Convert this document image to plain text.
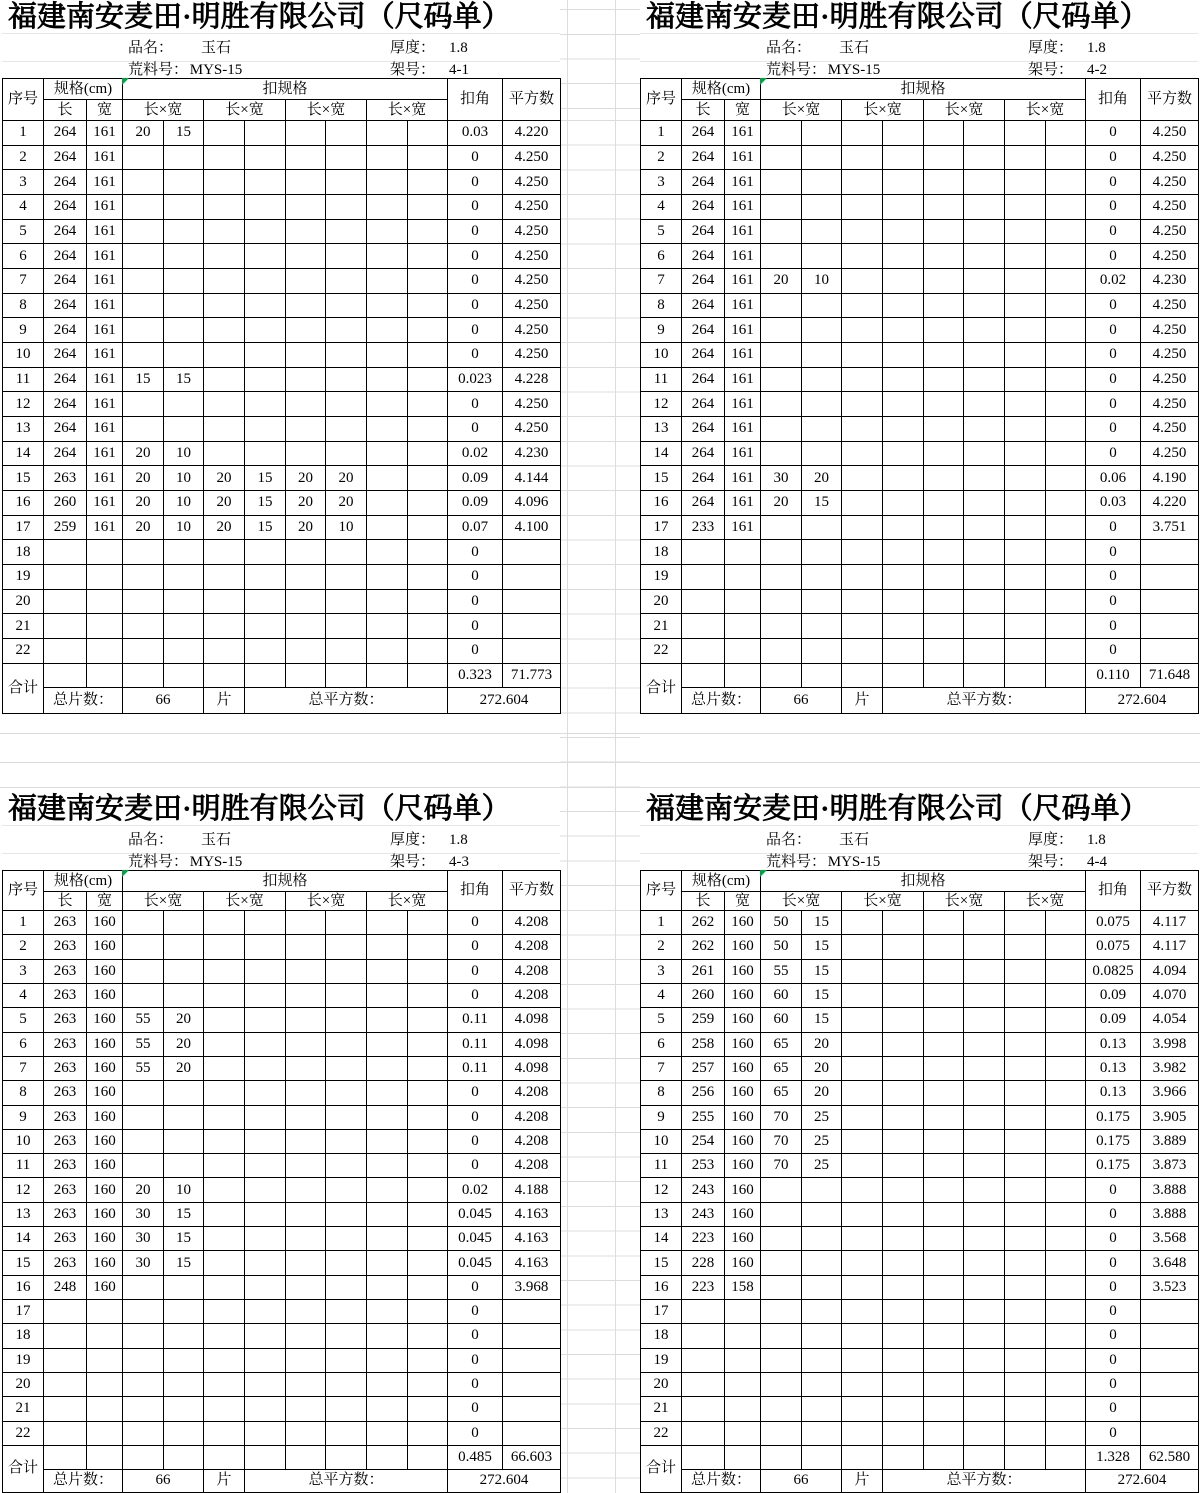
福建南安麦田·明胜有限公司（尺码单）
品名：	玉石	厚度： 1.8
荒料号： MYS-15	架号： 4-1
序号	规格(cm)		扣规格								扣角	平方数
	长	宽	长×宽		长×宽		长×宽		长×宽			
1	264	161	20	15							0.03	4.220
2	264	161									0	4.250
3	264	161									0	4.250
4	264	161									0	4.250
5	264	161									0	4.250
6	264	161									0	4.250
7	264	161									0	4.250
8	264	161									0	4.250
9	264	161									0	4.250
10	264	161									0	4.250
11	264	161	15	15							0.023	4.228
12	264	161									0	4.250
13	264	161									0	4.250
14	264	161	20	10							0.02	4.230
15	263	161	20	10	20	15	20	20			0.09	4.144
16	260	161	20	10	20	15	20	20			0.09	4.096
17	259	161	20	10	20	15	20	10			0.07	4.100
18											0	
19											0	
20											0	
21											0	
22											0	
合计											0.323	71.773
	总片数：		66		片	总平方数：					272.604	
福建南安麦田·明胜有限公司（尺码单）
品名：	玉石	厚度： 1.8
荒料号： MYS-15	架号： 4-2
序号	规格(cm)		扣规格								扣角	平方数
	长	宽	长×宽		长×宽		长×宽		长×宽			
1	264	161									0	4.250
2	264	161									0	4.250
3	264	161									0	4.250
4	264	161									0	4.250
5	264	161									0	4.250
6	264	161									0	4.250
7	264	161	20	10							0.02	4.230
8	264	161									0	4.250
9	264	161									0	4.250
10	264	161									0	4.250
11	264	161									0	4.250
12	264	161									0	4.250
13	264	161									0	4.250
14	264	161									0	4.250
15	264	161	30	20							0.06	4.190
16	264	161	20	15							0.03	4.220
17	233	161									0	3.751
18											0	
19											0	
20											0	
21											0	
22											0	
合计											0.110	71.648
	总片数：		66		片	总平方数：					272.604	
福建南安麦田·明胜有限公司（尺码单）
品名：	玉石	厚度： 1.8
荒料号： MYS-15	架号： 4-3
序号	规格(cm)		扣规格								扣角	平方数
	长	宽	长×宽		长×宽		长×宽		长×宽			
1	263	160									0	4.208
2	263	160									0	4.208
3	263	160									0	4.208
4	263	160									0	4.208
5	263	160	55	20							0.11	4.098
6	263	160	55	20							0.11	4.098
7	263	160	55	20							0.11	4.098
8	263	160									0	4.208
9	263	160									0	4.208
10	263	160									0	4.208
11	263	160									0	4.208
12	263	160	20	10							0.02	4.188
13	263	160	30	15							0.045	4.163
14	263	160	30	15							0.045	4.163
15	263	160	30	15							0.045	4.163
16	248	160									0	3.968
17											0	
18											0	
19											0	
20											0	
21											0	
22											0	
合计											0.485	66.603
	总片数：		66		片	总平方数：					272.604	
福建南安麦田·明胜有限公司（尺码单）
品名：	玉石	厚度： 1.8
荒料号： MYS-15	架号： 4-4
序号	规格(cm)		扣规格								扣角	平方数
	长	宽	长×宽		长×宽		长×宽		长×宽			
1	262	160	50	15							0.075	4.117
2	262	160	50	15							0.075	4.117
3	261	160	55	15							0.0825	4.094
4	260	160	60	15							0.09	4.070
5	259	160	60	15							0.09	4.054
6	258	160	65	20							0.13	3.998
7	257	160	65	20							0.13	3.982
8	256	160	65	20							0.13	3.966
9	255	160	70	25							0.175	3.905
10	254	160	70	25							0.175	3.889
11	253	160	70	25							0.175	3.873
12	243	160									0	3.888
13	243	160									0	3.888
14	223	160									0	3.568
15	228	160									0	3.648
16	223	158									0	3.523
17											0	
18											0	
19											0	
20											0	
21											0	
22											0	
合计											1.328	62.580
	总片数：		66		片	总平方数：					272.604	
